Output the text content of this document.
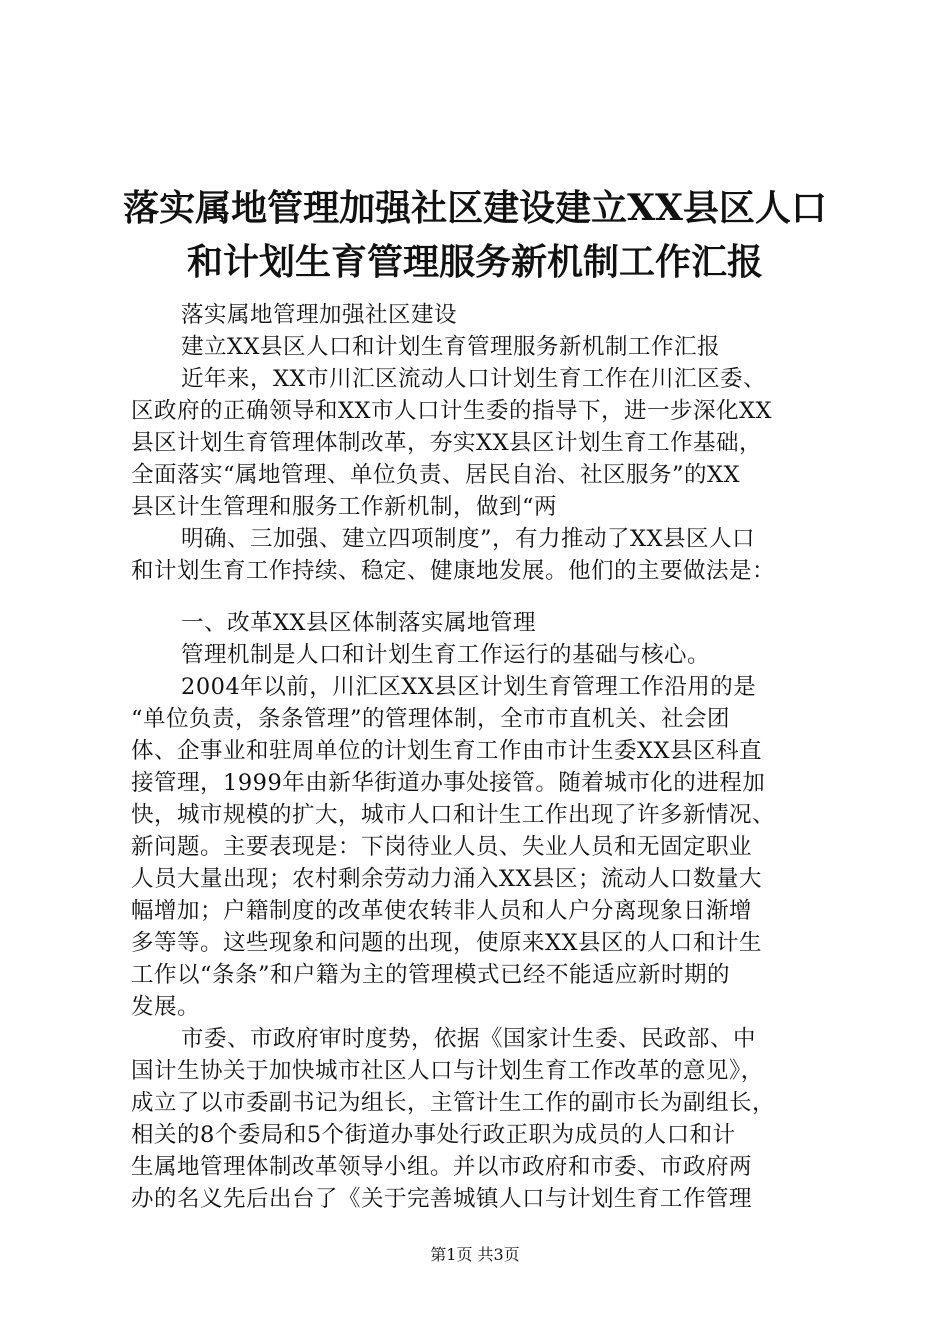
落实属地管理加强社区建设建立XX县区人口
和计划生育管理服务新机制工作汇报
落实属地管理加强社区建设
建立XX县区人口和计划生育管理服务新机制工作汇报
近年来，XX市川汇区流动人口计划生育工作在川汇区委、
区政府的正确领导和XX市人口计生委的指导下，进一步深化XX
县区计划生育管理体制改革，夯实XX县区计划生育工作基础，
全面落实“属地管理、单位负责、居民自治、社区服务”的XX
县区计生管理和服务工作新机制，做到“两
明确、三加强、建立四项制度”，有力推动了XX县区人口
和计划生育工作持续、稳定、健康地发展。他们的主要做法是：
一、改革XX县区体制落实属地管理
管理机制是人口和计划生育工作运行的基础与核心。
2004年以前，川汇区XX县区计划生育管理工作沿用的是
“单位负责，条条管理”的管理体制，全市市直机关、社会团
体、企事业和驻周单位的计划生育工作由市计生委XX县区科直
接管理，1999年由新华街道办事处接管。随着城市化的进程加
快，城市规模的扩大，城市人口和计生工作出现了许多新情况、
新问题。主要表现是：下岗待业人员、失业人员和无固定职业
人员大量出现；农村剩余劳动力涌入XX县区；流动人口数量大
幅增加；户籍制度的改革使农转非人员和人户分离现象日渐增
多等等。这些现象和问题的出现，使原来XX县区的人口和计生
工作以“条条”和户籍为主的管理模式已经不能适应新时期的
发展。
市委、市政府审时度势，依据《国家计生委、民政部、中
国计生协关于加快城市社区人口与计划生育工作改革的意见》，
成立了以市委副书记为组长，主管计生工作的副市长为副组长，
相关的8个委局和5个街道办事处行政正职为成员的人口和计
生属地管理体制改革领导小组。并以市政府和市委、市政府两
办的名义先后出台了《关于完善城镇人口与计划生育工作管理
第1页 共3页
